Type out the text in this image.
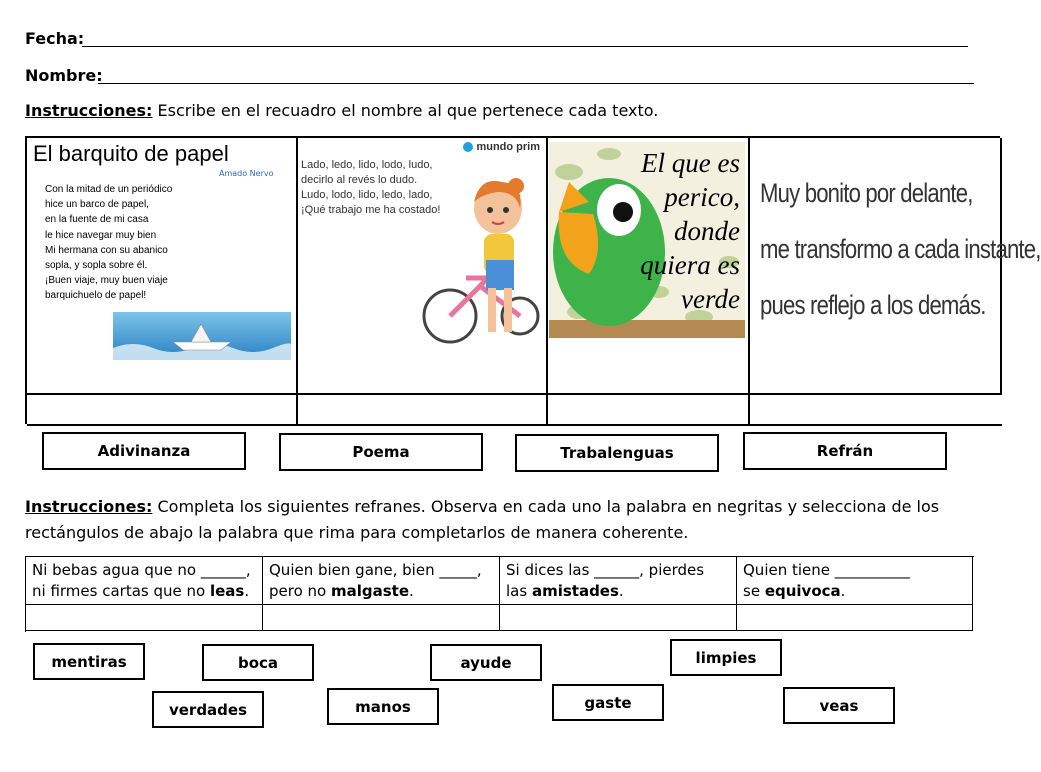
Fecha:
Nombre:
Instrucciones: Escribe en el recuadro el nombre al que pertenece cada texto.
El barquito de papel
Amado Nervo
Con la mitad de un periódico
hice un barco de papel,
en la fuente de mi casa
le hice navegar muy bien
Mi hermana con su abanico
sopla, y sopla sobre él.
¡Buen viaje, muy buen viaje
barquichuelo de papel!
mundo prim
Lado, ledo, lido, lodo, ludo,
decirlo al revés lo dudo.
Ludo, lodo, lido, ledo, lado,
¡Qué trabajo me ha costado!
El que es
perico,
donde
quiera es
verde
Muy bonito por delante,
me transformo a cada instante,
pues reflejo a los demás.
Adivinanza	Poema	Trabalenguas	Refrán
Instrucciones: Completa los siguientes refranes. Observa en cada uno la palabra en negritas y selecciona de los
rectángulos de abajo la palabra que rima para completarlos de manera coherente.
Ni bebas agua que no ______,
ni firmes cartas que no leas.
Quien bien gane, bien _____,
pero no malgaste.
Si dices las ______, pierdes
las amistades.
Quien tiene __________
se equivoca.
mentiras	boca	ayude	limpies
verdades	manos	gaste	veas
